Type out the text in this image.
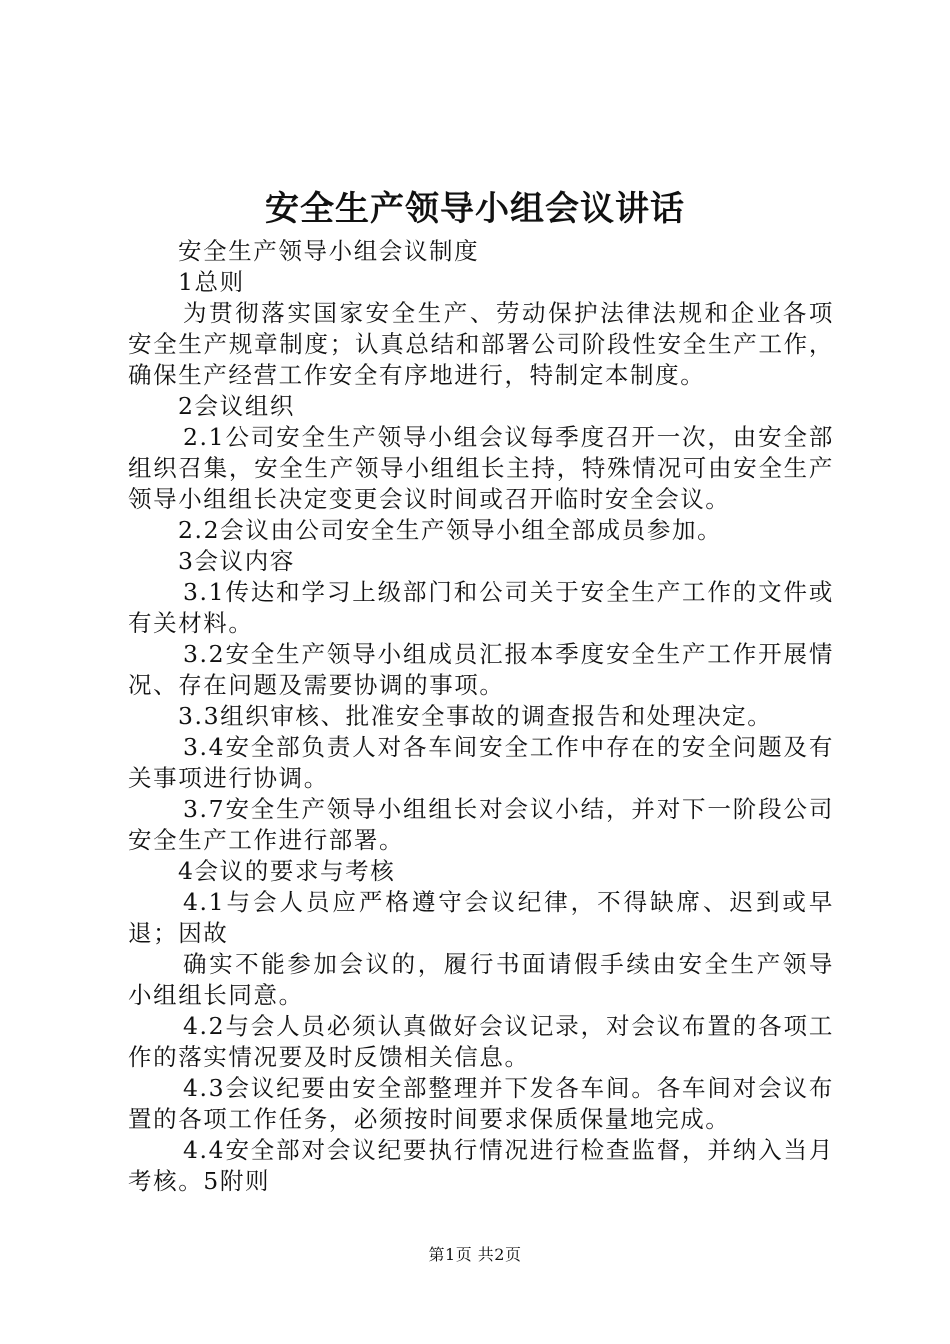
安全生产领导小组会议讲话

安全生产领导小组会议制度

1总则

为贯彻落实国家安全生产、劳动保护法律法规和企业各项安全生产规章制度；认真总结和部署公司阶段性安全生产工作，确保生产经营工作安全有序地进行，特制定本制度。

2会议组织

2.1公司安全生产领导小组会议每季度召开一次，由安全部组织召集，安全生产领导小组组长主持，特殊情况可由安全生产领导小组组长决定变更会议时间或召开临时安全会议。

2.2会议由公司安全生产领导小组全部成员参加。

3会议内容

3.1传达和学习上级部门和公司关于安全生产工作的文件或有关材料。

3.2安全生产领导小组成员汇报本季度安全生产工作开展情况、存在问题及需要协调的事项。

3.3组织审核、批准安全事故的调查报告和处理决定。

3.4安全部负责人对各车间安全工作中存在的安全问题及有关事项进行协调。

3.7安全生产领导小组组长对会议小结，并对下一阶段公司安全生产工作进行部署。

4会议的要求与考核

4.1与会人员应严格遵守会议纪律，不得缺席、迟到或早退；因故

确实不能参加会议的，履行书面请假手续由安全生产领导小组组长同意。

4.2与会人员必须认真做好会议记录，对会议布置的各项工作的落实情况要及时反馈相关信息。

4.3会议纪要由安全部整理并下发各车间。各车间对会议布置的各项工作任务，必须按时间要求保质保量地完成。

4.4安全部对会议纪要执行情况进行检查监督，并纳入当月考核。5附则

第1页 共2页
